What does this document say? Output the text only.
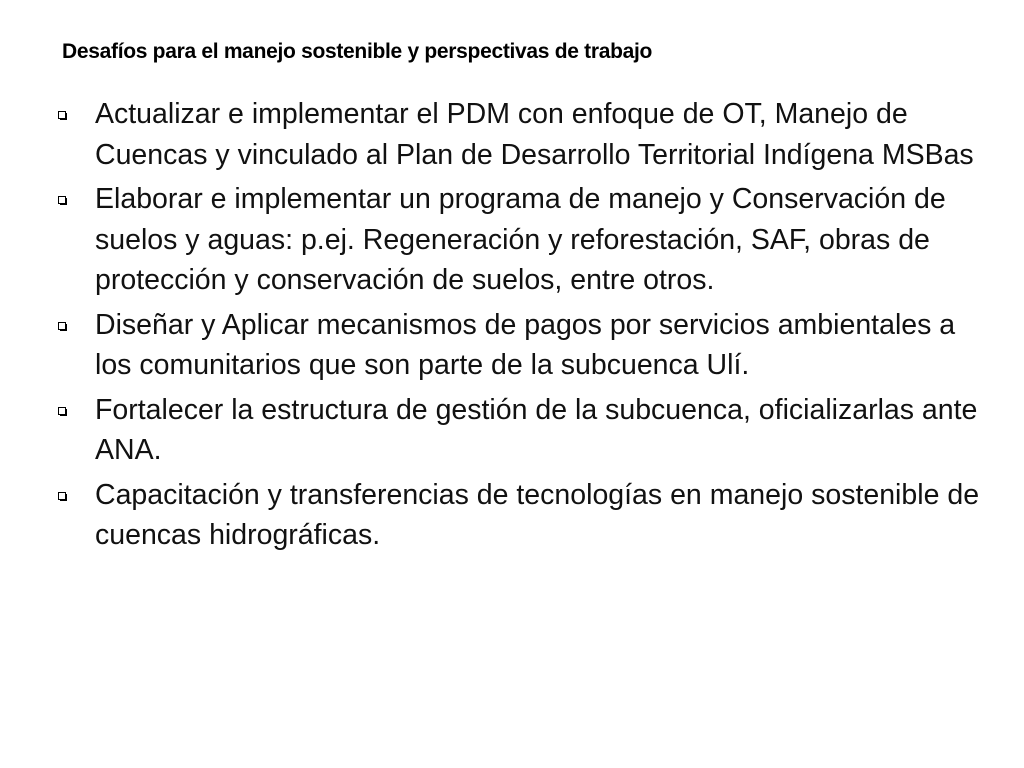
Desafíos para el manejo sostenible y perspectivas de trabajo
Actualizar e implementar el PDM con enfoque de OT, Manejo de Cuencas y vinculado al Plan de Desarrollo Territorial Indígena MSBas
Elaborar e implementar un programa de manejo y Conservación de suelos y aguas: p.ej. Regeneración y reforestación, SAF, obras de protección y conservación de suelos, entre otros.
Diseñar y Aplicar mecanismos de pagos por servicios ambientales a los comunitarios que son parte de la subcuenca Ulí.
Fortalecer la estructura de gestión de la subcuenca, oficializarlas ante ANA.
Capacitación y transferencias de tecnologías en manejo sostenible de cuencas hidrográficas.
